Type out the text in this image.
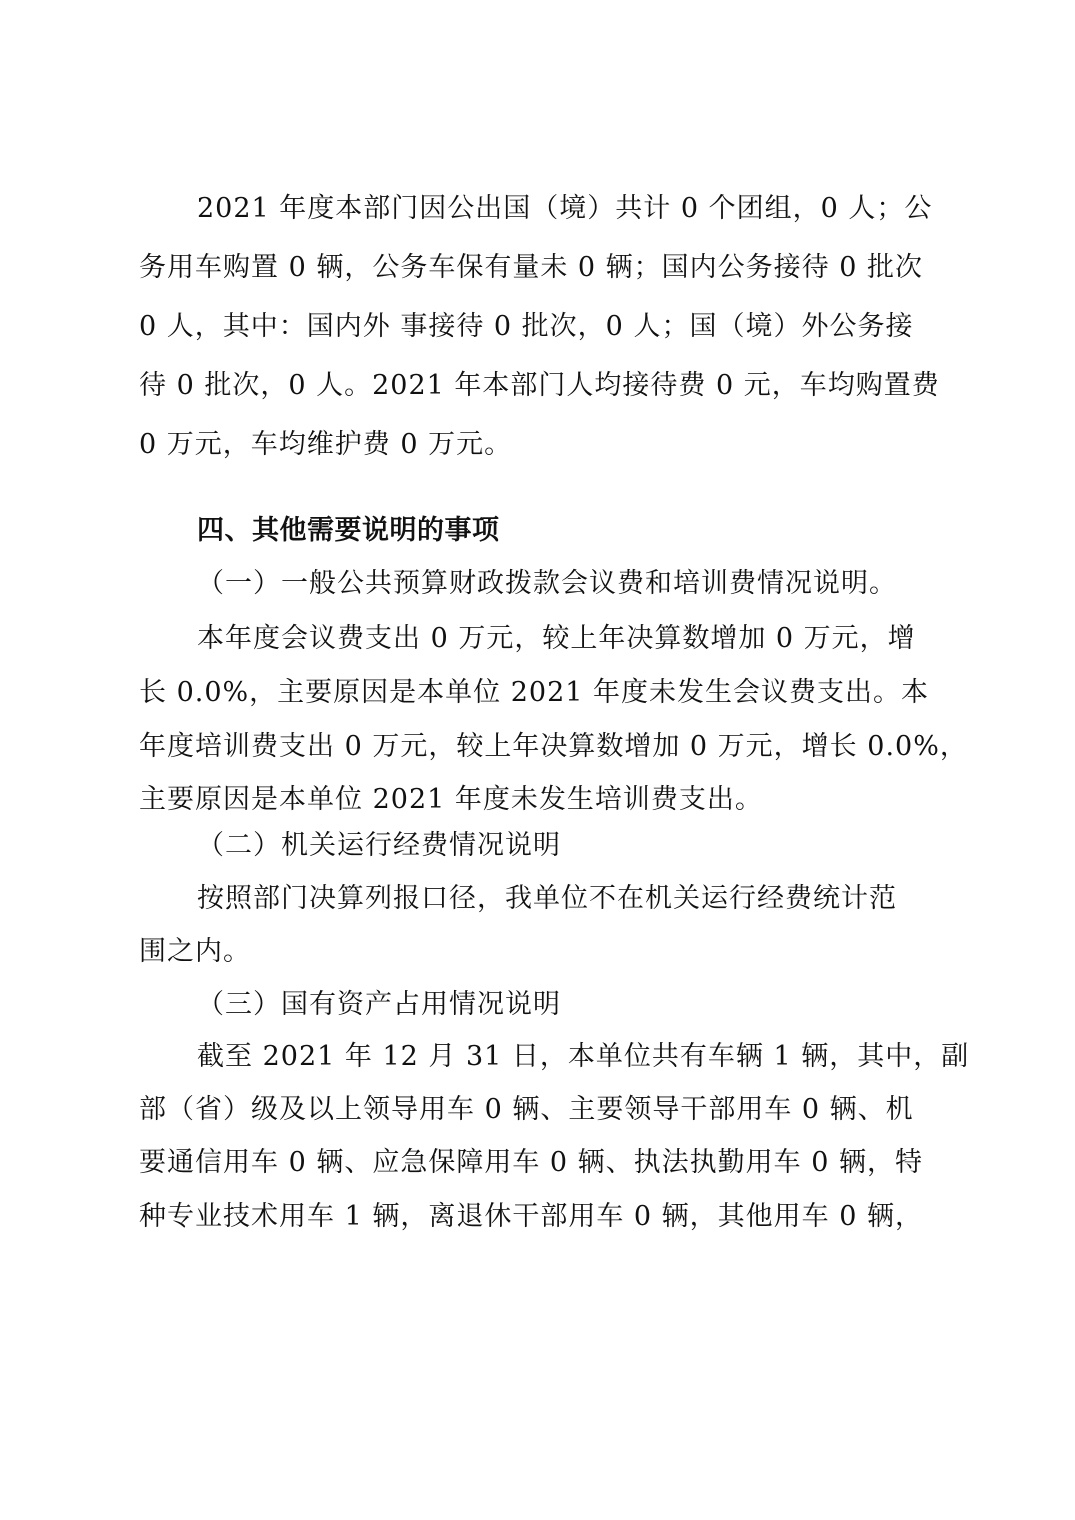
2021 年度本部门因公出国（境）共计 0 个团组，0 人；公
务用车购置 0 辆，公务车保有量未 0 辆；国内公务接待 0 批次
0 人，其中：国内外 事接待 0 批次，0 人；国（境）外公务接
待 0 批次，0 人。2021 年本部门人均接待费 0 元，车均购置费
0 万元，车均维护费 0 万元。
四、其他需要说明的事项
（一）一般公共预算财政拨款会议费和培训费情况说明。
本年度会议费支出 0 万元，较上年决算数增加 0 万元，增
长 0.0%，主要原因是本单位 2021 年度未发生会议费支出。本
年度培训费支出 0 万元，较上年决算数增加 0 万元，增长 0.0%，
主要原因是本单位 2021 年度未发生培训费支出。
（二）机关运行经费情况说明
按照部门决算列报口径，我单位不在机关运行经费统计范
围之内。
（三）国有资产占用情况说明
截至 2021 年 12 月 31 日，本单位共有车辆 1 辆，其中，副
部（省）级及以上领导用车 0 辆、主要领导干部用车 0 辆、机
要通信用车 0 辆、应急保障用车 0 辆、执法执勤用车 0 辆，特
种专业技术用车 1 辆，离退休干部用车 0 辆，其他用车 0 辆，
